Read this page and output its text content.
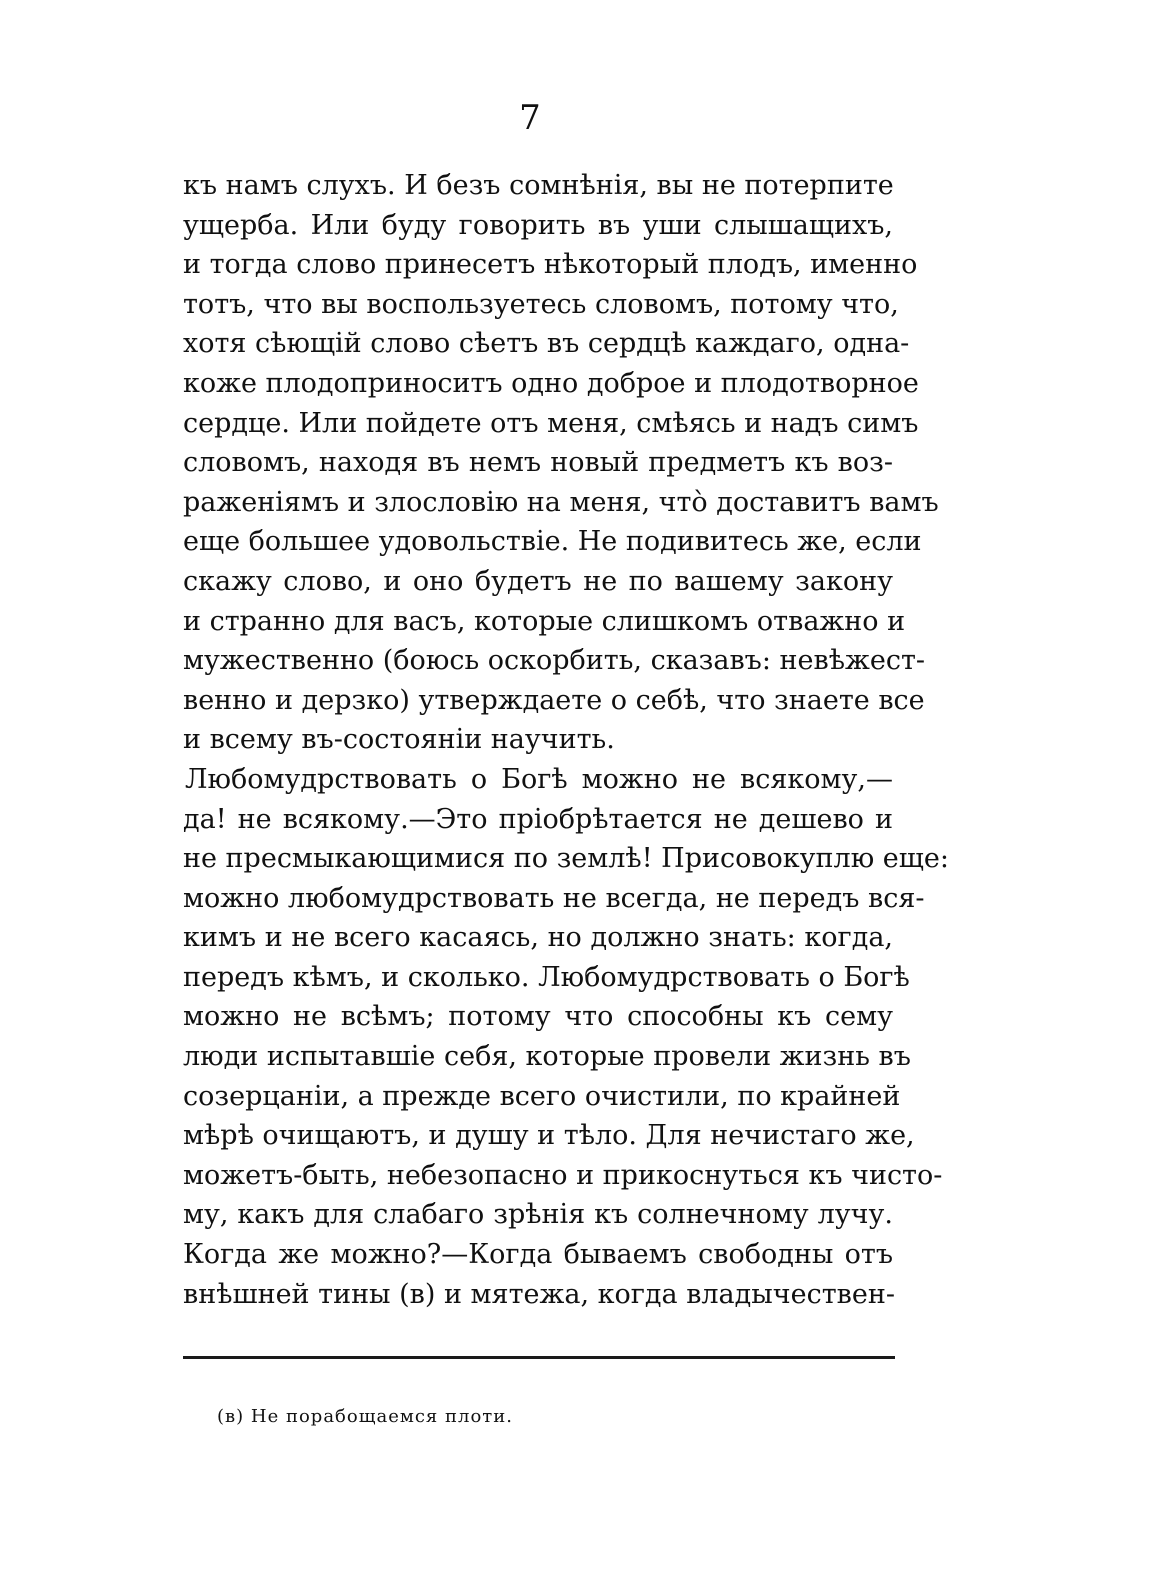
7
къ намъ слухъ. И безъ сомнѣнія, вы не потерпите
ущерба. Или буду говорить въ уши слышащихъ,
и тогда слово принесетъ нѣкоторый плодъ, именно
тотъ, что вы воспользуетесь словомъ, потому что,
хотя сѣющій слово сѣетъ въ сердцѣ каждаго, одна-
коже плодоприноситъ одно доброе и плодотворное
сердце. Или пойдете отъ меня, смѣясь и надъ симъ
словомъ, находя въ немъ новый предметъ къ воз-
раженіямъ и злословію на меня, что̀ доставитъ вамъ
еще большее удовольствіе. Не подивитесь же, если
скажу слово, и оно будетъ не по вашему закону
и странно для васъ, которые слишкомъ отважно и
мужественно (боюсь оскорбить, сказавъ: невѣжест-
венно и дерзко) утверждаете о себѣ, что знаете все
и всему въ-состояніи научить.
Любомудрствовать о Богѣ можно не всякому,—
да! не всякому.—Это пріобрѣтается не дешево и
не пресмыкающимися по землѣ! Присовокуплю еще:
можно любомудрствовать не всегда, не передъ вся-
кимъ и не всего касаясь, но должно знать: когда,
передъ кѣмъ, и сколько. Любомудрствовать о Богѣ
можно не всѣмъ; потому что способны къ сему
люди испытавшіе себя, которые провели жизнь въ
созерцаніи, а прежде всего очистили, по крайней
мѣрѣ очищаютъ, и душу и тѣло. Для нечистаго же,
можетъ-быть, небезопасно и прикоснуться къ чисто-
му, какъ для слабаго зрѣнія къ солнечному лучу.
Когда же можно?—Когда бываемъ свободны отъ
внѣшней тины (в) и мятежа, когда владычествен-
(в) Не порабощаемся плоти.
